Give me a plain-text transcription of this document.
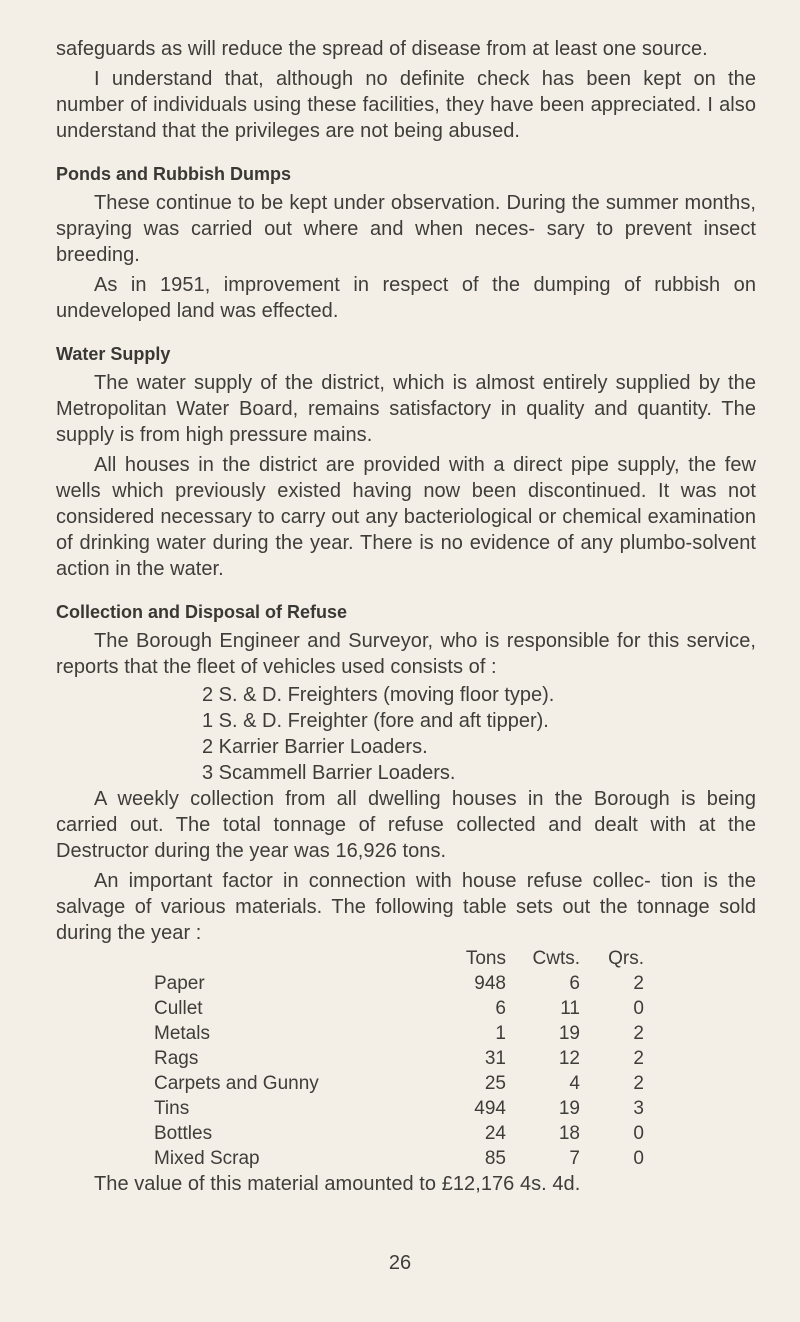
safeguards as will reduce the spread of disease from at least one source.

I understand that, although no definite check has been kept on the number of individuals using these facilities, they have been appreciated. I also understand that the privileges are not being abused.

Ponds and Rubbish Dumps

These continue to be kept under observation. During the summer months, spraying was carried out where and when neces- sary to prevent insect breeding.

As in 1951, improvement in respect of the dumping of rubbish on undeveloped land was effected.

Water Supply

The water supply of the district, which is almost entirely supplied by the Metropolitan Water Board, remains satisfactory in quality and quantity. The supply is from high pressure mains.

All houses in the district are provided with a direct pipe supply, the few wells which previously existed having now been discontinued. It was not considered necessary to carry out any bacteriological or chemical examination of drinking water during the year. There is no evidence of any plumbo-solvent action in the water.

Collection and Disposal of Refuse

The Borough Engineer and Surveyor, who is responsible for this service, reports that the fleet of vehicles used consists of :

2 S. & D. Freighters (moving floor type).
1 S. & D. Freighter (fore and aft tipper).
2 Karrier Barrier Loaders.
3 Scammell Barrier Loaders.

A weekly collection from all dwelling houses in the Borough is being carried out. The total tonnage of refuse collected and dealt with at the Destructor during the year was 16,926 tons.

An important factor in connection with house refuse collec- tion is the salvage of various materials. The following table sets out the tonnage sold during the year :

	Tons	Cwts.	Qrs.
Paper	948	6	2
Cullet	6	11	0
Metals	1	19	2
Rags	31	12	2
Carpets and Gunny	25	4	2
Tins	494	19	3
Bottles	24	18	0
Mixed Scrap	85	7	0

The value of this material amounted to £12,176 4s. 4d.

26
